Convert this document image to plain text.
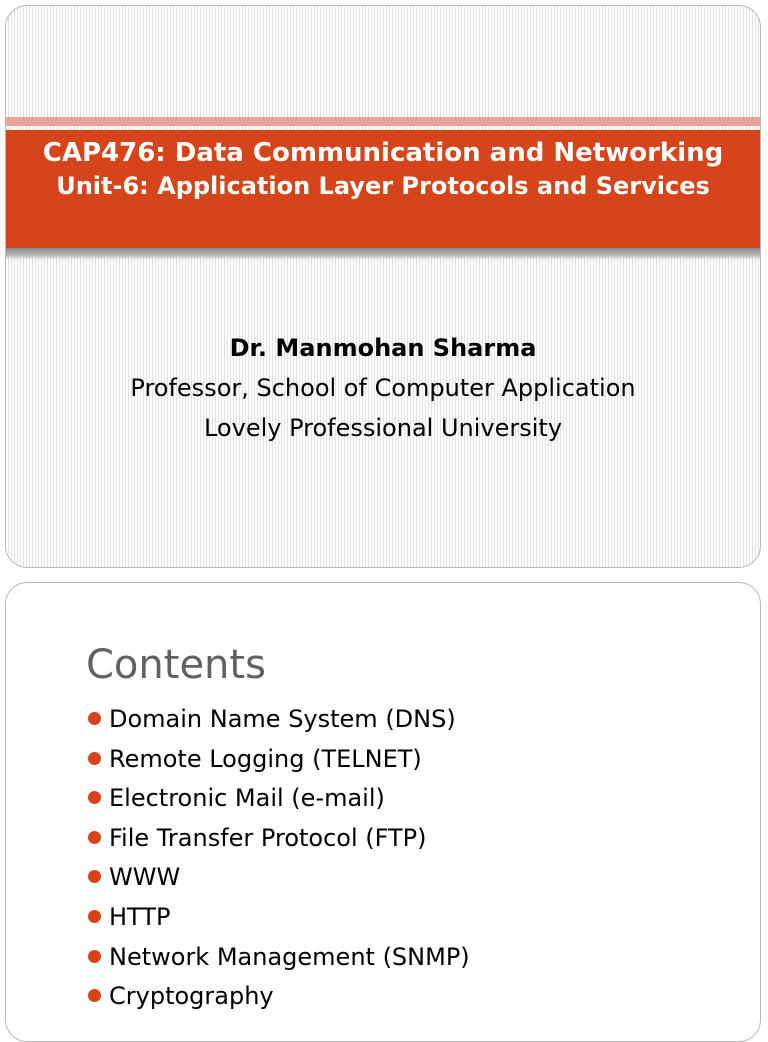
CAP476: Data Communication and Networking
Unit-6: Application Layer Protocols and Services
Dr. Manmohan Sharma
Professor, School of Computer Application
Lovely Professional University
Contents
Domain Name System (DNS)
Remote Logging (TELNET)
Electronic Mail (e-mail)
File Transfer Protocol (FTP)
WWW
HTTP
Network Management (SNMP)
Cryptography
